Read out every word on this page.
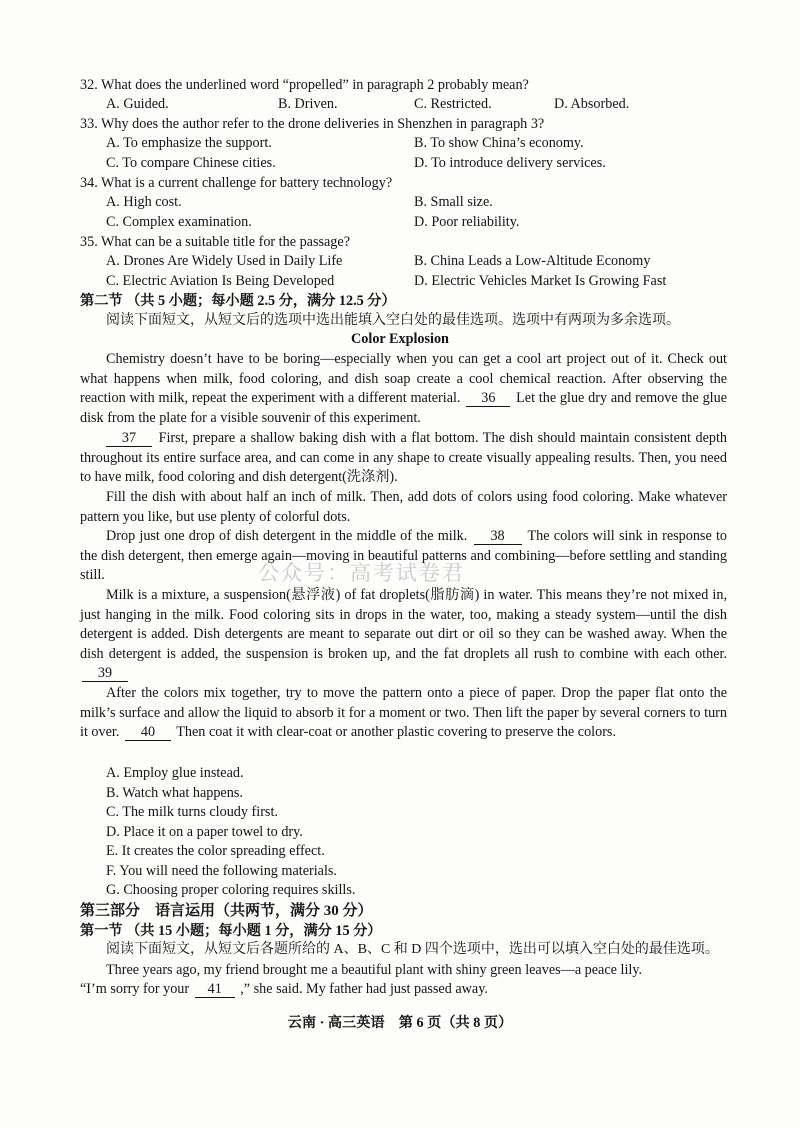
32. What does the underlined word “propelled” in paragraph 2 probably mean?
A. Guided.	B. Driven.	C. Restricted.	D. Absorbed.
33. Why does the author refer to the drone deliveries in Shenzhen in paragraph 3?
A. To emphasize the support.	B. To show China’s economy.
C. To compare Chinese cities.	D. To introduce delivery services.
34. What is a current challenge for battery technology?
A. High cost.	B. Small size.
C. Complex examination.	D. Poor reliability.
35. What can be a suitable title for the passage?
A. Drones Are Widely Used in Daily Life	B. China Leads a Low-Altitude Economy
C. Electric Aviation Is Being Developed	D. Electric Vehicles Market Is Growing Fast
第二节 （共 5 小题；每小题 2.5 分，满分 12.5 分）
阅读下面短文，从短文后的选项中选出能填入空白处的最佳选项。选项中有两项为多余选项。
Color Explosion
Chemistry doesn’t have to be boring—especially when you can get a cool art project out of it. Check out what happens when milk, food coloring, and dish soap create a cool chemical reaction. After observing the reaction with milk, repeat the experiment with a different material. 36 Let the glue dry and remove the glue disk from the plate for a visible souvenir of this experiment.
37 First, prepare a shallow baking dish with a flat bottom. The dish should maintain consistent depth throughout its entire surface area, and can come in any shape to create visually appealing results. Then, you need to have milk, food coloring and dish detergent(洗涤剂).
Fill the dish with about half an inch of milk. Then, add dots of colors using food coloring. Make whatever pattern you like, but use plenty of colorful dots.
Drop just one drop of dish detergent in the middle of the milk. 38 The colors will sink in response to the dish detergent, then emerge again—moving in beautiful patterns and combining—before settling and standing still.
Milk is a mixture, a suspension(悬浮液) of fat droplets(脂肪滴) in water. This means they’re not mixed in, just hanging in the milk. Food coloring sits in drops in the water, too, making a steady system—until the dish detergent is added. Dish detergents are meant to separate out dirt or oil so they can be washed away. When the dish detergent is added, the suspension is broken up, and the fat droplets all rush to combine with each other. 39
After the colors mix together, try to move the pattern onto a piece of paper. Drop the paper flat onto the milk’s surface and allow the liquid to absorb it for a moment or two. Then lift the paper by several corners to turn it over. 40 Then coat it with clear-coat or another plastic covering to preserve the colors.
A. Employ glue instead.
B. Watch what happens.
C. The milk turns cloudy first.
D. Place it on a paper towel to dry.
E. It creates the color spreading effect.
F. You will need the following materials.
G. Choosing proper coloring requires skills.
第三部分　语言运用（共两节，满分 30 分）
第一节 （共 15 小题；每小题 1 分，满分 15 分）
阅读下面短文，从短文后各题所给的 A、B、C 和 D 四个选项中，选出可以填入空白处的最佳选项。
Three years ago, my friend brought me a beautiful plant with shiny green leaves—a peace lily.
“I’m sorry for your 41 ,” she said. My father had just passed away.
公众号：高考试卷君
云南 · 高三英语　第 6 页（共 8 页）
